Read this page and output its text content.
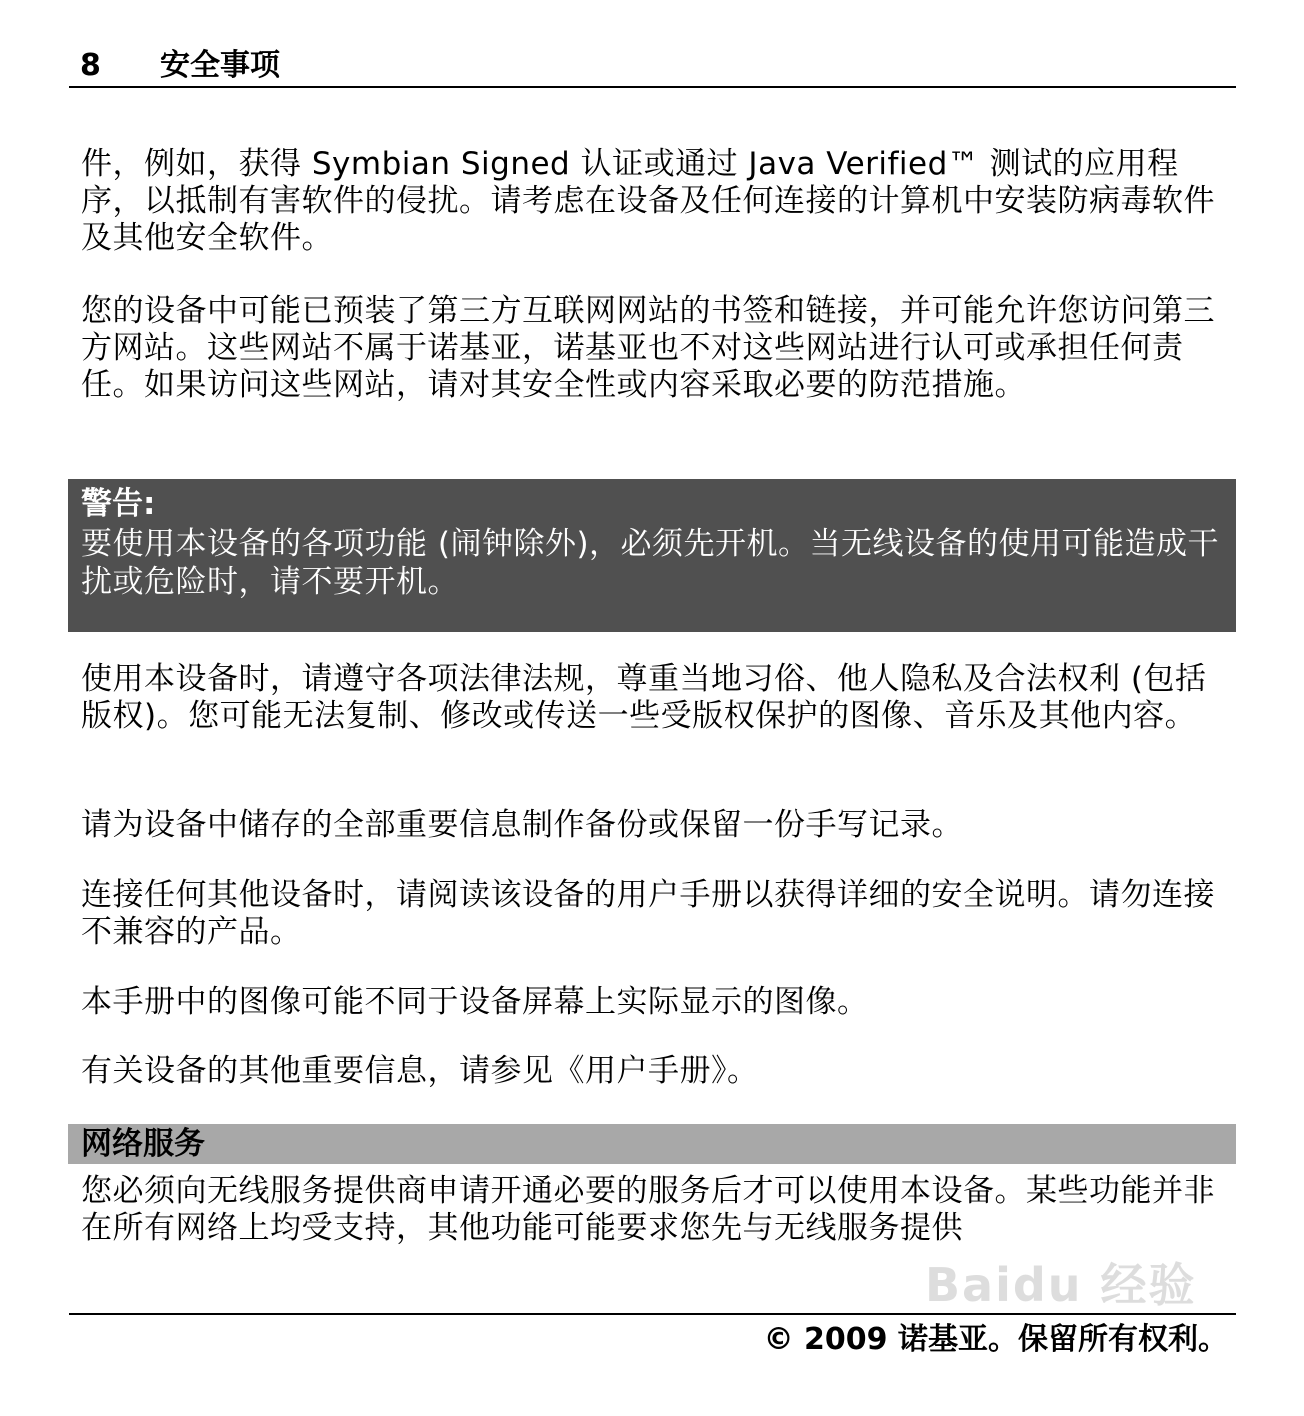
8 安全事项

件，例如，获得 Symbian Signed 认证或通过 Java Verified™ 测试的应用程序，以抵制有害软件的侵扰。请考虑在设备及任何连接的计算机中安装防病毒软件及其他安全软件。

您的设备中可能已预装了第三方互联网网站的书签和链接，并可能允许您访问第三方网站。这些网站不属于诺基亚，诺基亚也不对这些网站进行认可或承担任何责任。如果访问这些网站，请对其安全性或内容采取必要的防范措施。

警告:

要使用本设备的各项功能 (闹钟除外)，必须先开机。当无线设备的使用可能造成干扰或危险时，请不要开机。

使用本设备时，请遵守各项法律法规，尊重当地习俗、他人隐私及合法权利 (包括版权)。您可能无法复制、修改或传送一些受版权保护的图像、音乐及其他内容。

请为设备中储存的全部重要信息制作备份或保留一份手写记录。

连接任何其他设备时，请阅读该设备的用户手册以获得详细的安全说明。请勿连接不兼容的产品。

本手册中的图像可能不同于设备屏幕上实际显示的图像。

有关设备的其他重要信息，请参见《用户手册》。

网络服务

您必须向无线服务提供商申请开通必要的服务后才可以使用本设备。某些功能并非在所有网络上均受支持，其他功能可能要求您先与无线服务提供

Baidu 经验
© 2009 诺基亚。保留所有权利。
